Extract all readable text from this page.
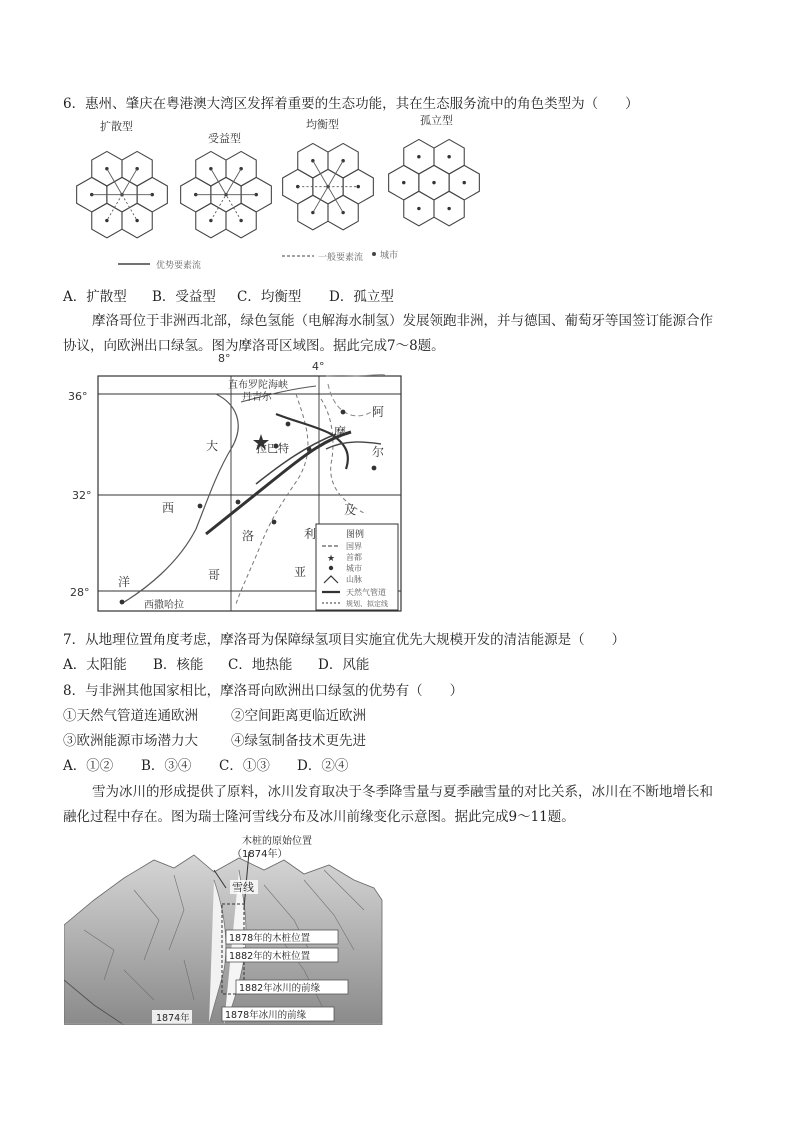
6．惠州、肇庆在粤港澳大湾区发挥着重要的生态功能，其在生态服务流中的角色类型为（　　）
扩散型
受益型
均衡型	孤立型
优势要素流
一般要素流 城市
A．扩散型 B．受益型 C．均衡型 D．孤立型
摩洛哥位于非洲西北部，绿色氢能（电解海水制氢）发展领跑非洲，并与德国、葡萄牙等国签订能源合作
协议，向欧洲出口绿氢。图为摩洛哥区域图。据此完成7～8题。
8°
4°
36°
32°
28°
直布罗陀海峡
丹吉尔
拉巴特
大
西
洋
阿
摩
尔
及
洛	利
哥	亚
西撒哈拉
图例
国界
★ 首都
城市
山脉
天然气管道
规划、拟定线
7．从地理位置角度考虑，摩洛哥为保障绿氢项目实施宜优先大规模开发的清洁能源是（　　）
A．太阳能 B．核能 C．地热能 D．风能
8．与非洲其他国家相比，摩洛哥向欧洲出口绿氢的优势有（　　）
①天然气管道连通欧洲 ②空间距离更临近欧洲
③欧洲能源市场潜力大 ④绿氢制备技术更先进
A．①② B．③④ C．①③ D．②④
雪为冰川的形成提供了原料，冰川发育取决于冬季降雪量与夏季融雪量的对比关系，冰川在不断地增长和
融化过程中存在。图为瑞士隆河雪线分布及冰川前缘变化示意图。据此完成9～11题。
木桩的原始位置
（1874年）
雪线
1878年的木桩位置
1882年的木桩位置
1882年冰川的前缘
1878年冰川的前缘
1874年
